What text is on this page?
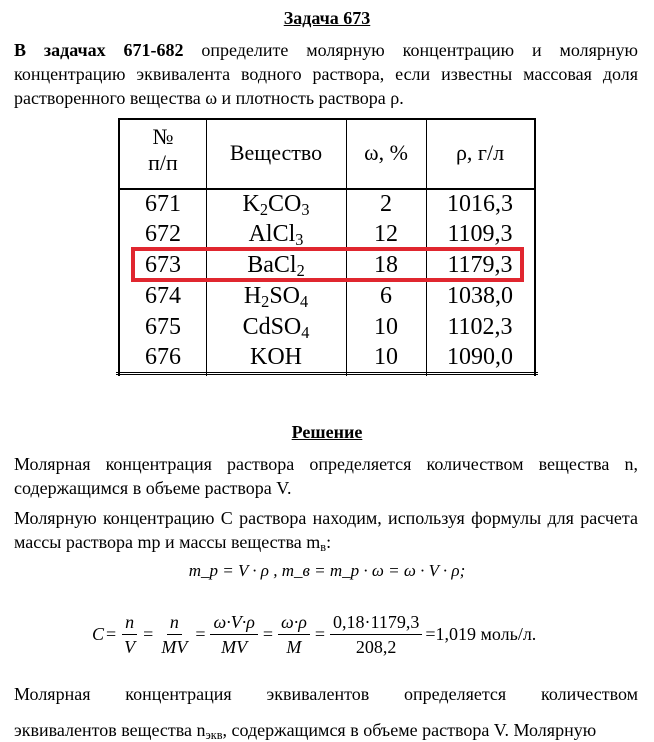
Задача 673
В задачах 671-682 определите молярную концентрацию и молярную концентрацию эквивалента водного раствора, если известны массовая доля растворенного вещества ω и плотность раствора ρ.
№
п/п	Вещество	ω, %	ρ, г/л
671	$K_2CO_3$	2	1016,3
672	AlCl$_3$	12	1109,3
673	BaCl$_2$	18	1179,3
674	$H_2SO_4$	6	1038,0
675	CdSO$_4$	10	1102,3
676	KOH	10	1090,0
Решение
Молярная концентрация раствора определяется количеством вещества n, содержащимся в объеме раствора V.
Молярную концентрацию C раствора находим, используя формулы для расчета массы раствора mp и массы вещества $m_в$:
m_p = V · ρ , m_в = m_p · ω = ω · V · ρ;
$C = \frac{n}{V} = \frac{n}{MV} = \frac{\omega\cdot V\cdot\rho}{MV} = \frac{\omega\cdot\rho}{M} = \frac{0,18\cdot 1179,3}{208,2} =1,019$ моль/л.
Молярная концентрация эквивалентов определяется количеством
эквивалентов вещества $n_{экв}$, содержащимся в объеме раствора V. Молярную
